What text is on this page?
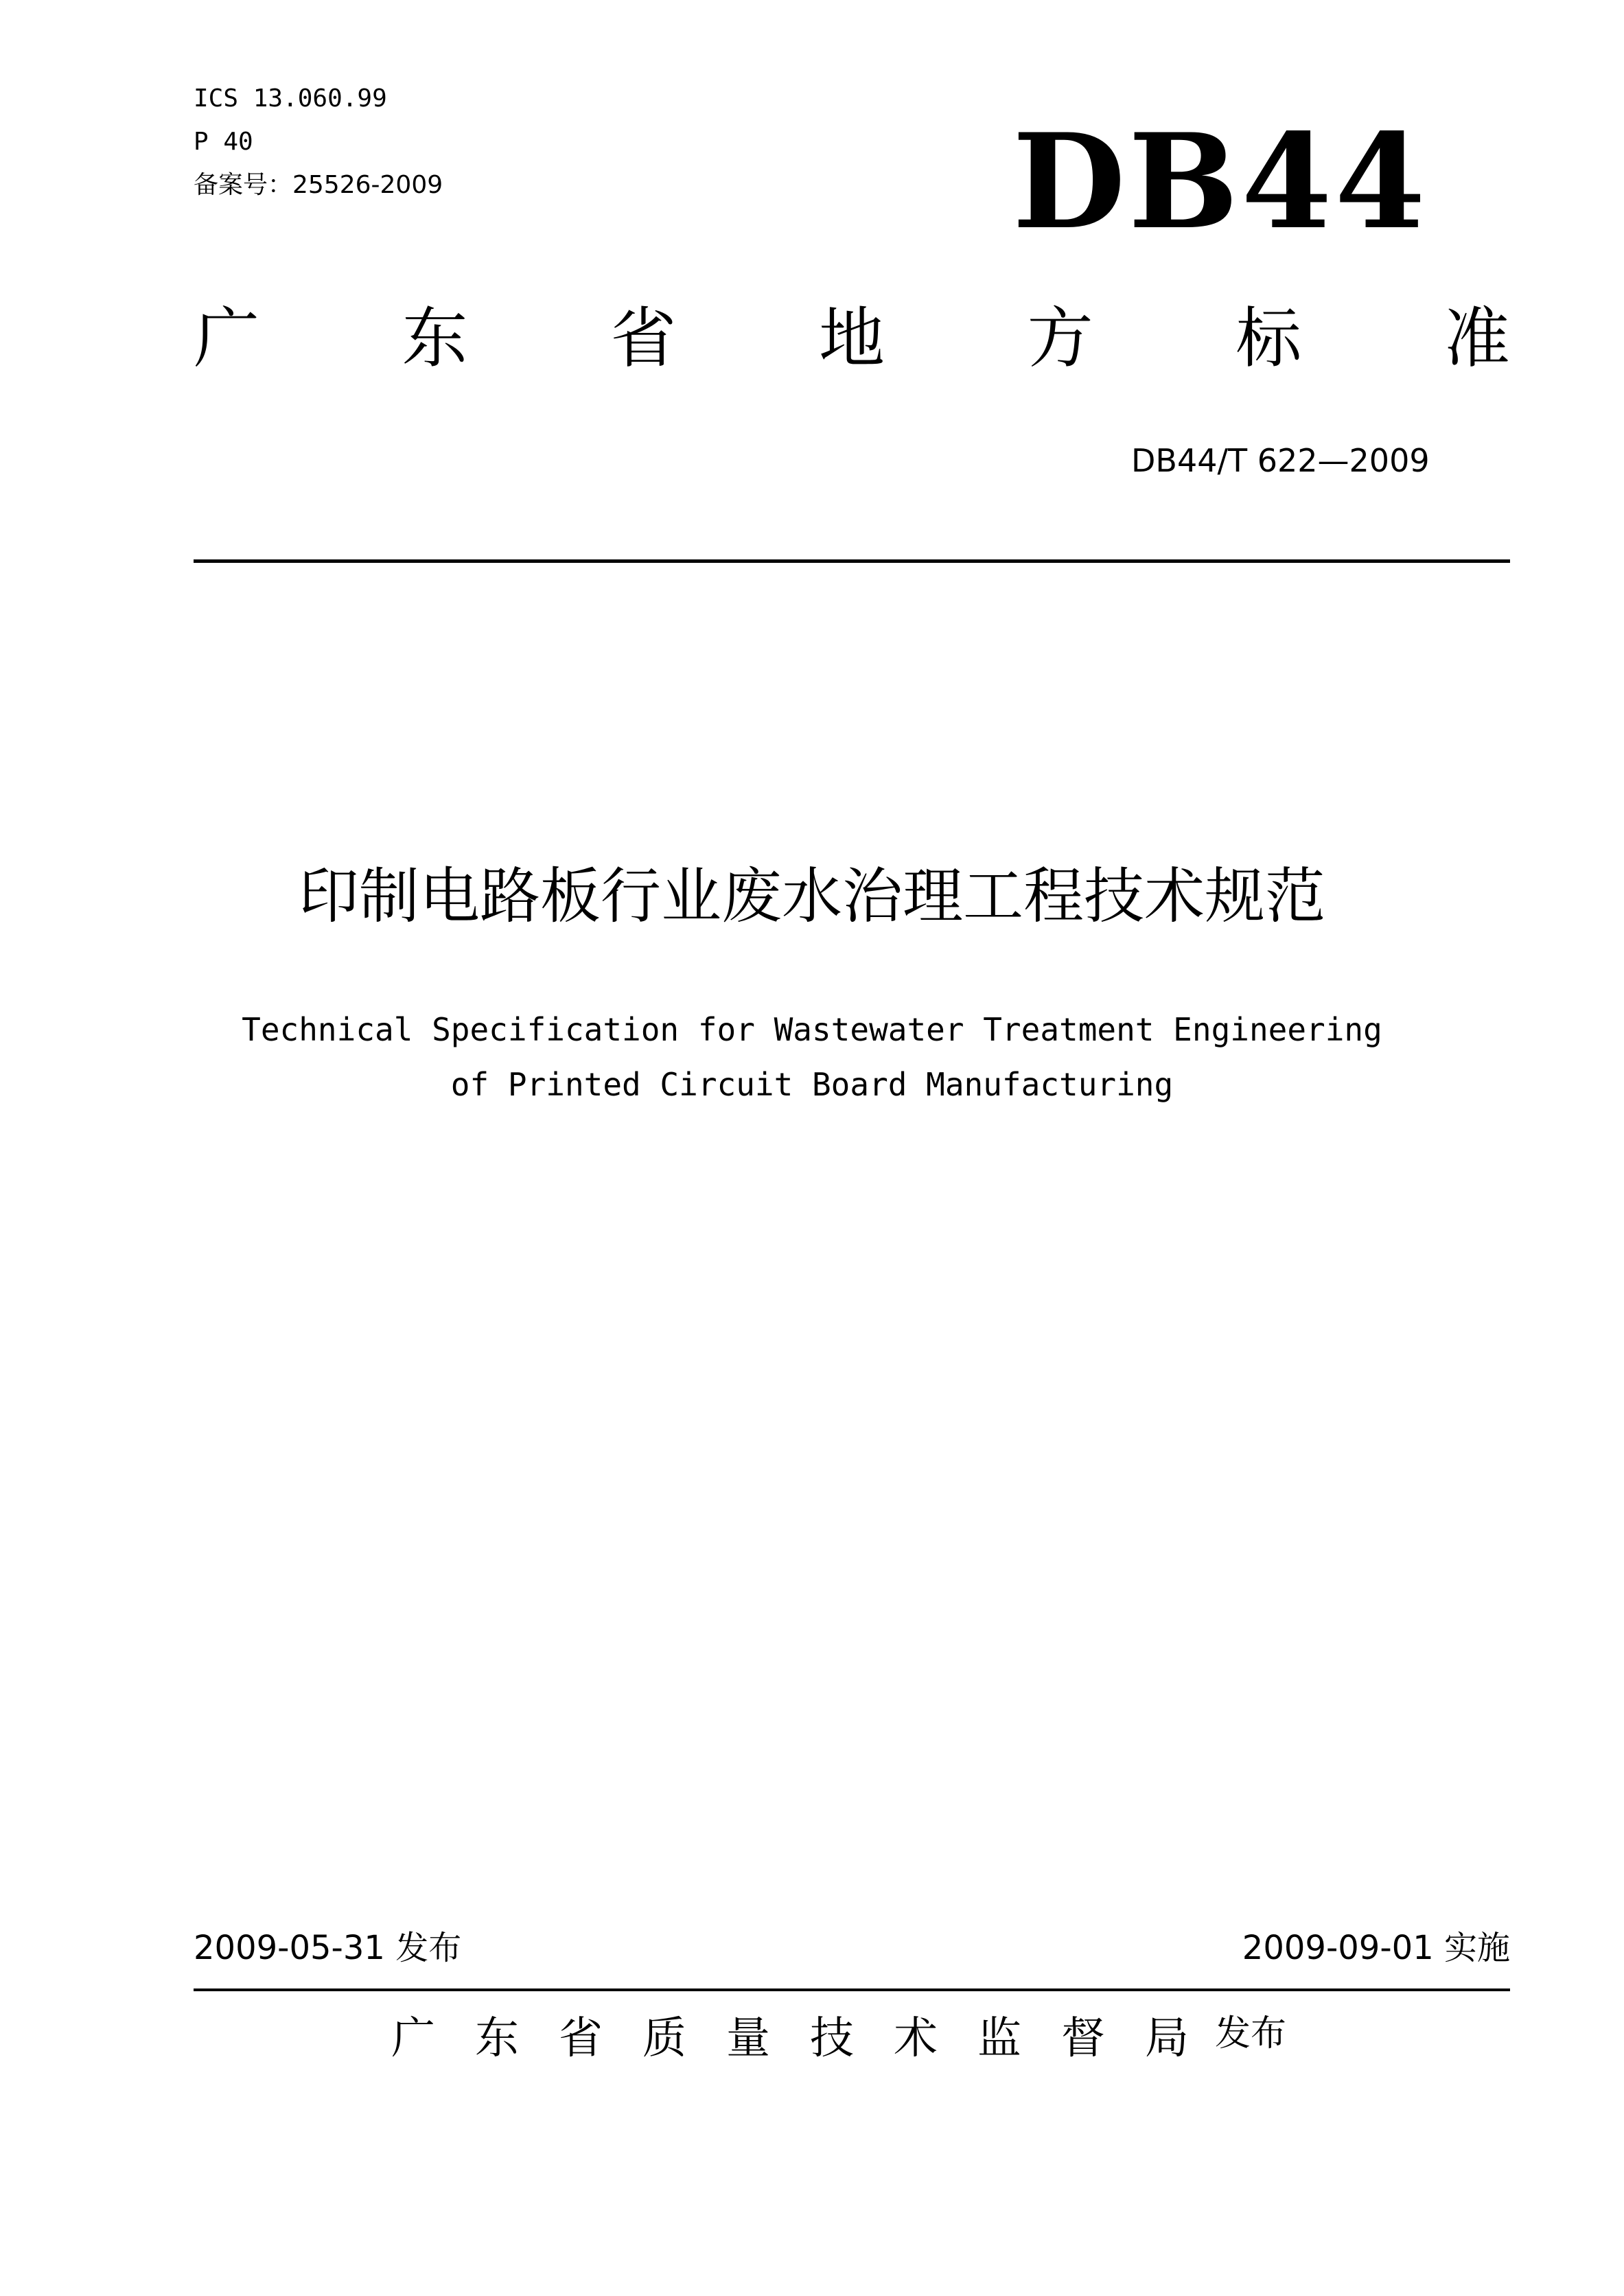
ICS 13.060.99
P 40
备案号：25526-2009	DB44
广 东 省 地 方 标 准
DB44/T 622—2009
印制电路板行业废水治理工程技术规范
Technical Specification for Wastewater Treatment Engineering
of Printed Circuit Board Manufacturing
2009-05-31 发布	2009-09-01 实施
广东省质量技术监督局
发布
